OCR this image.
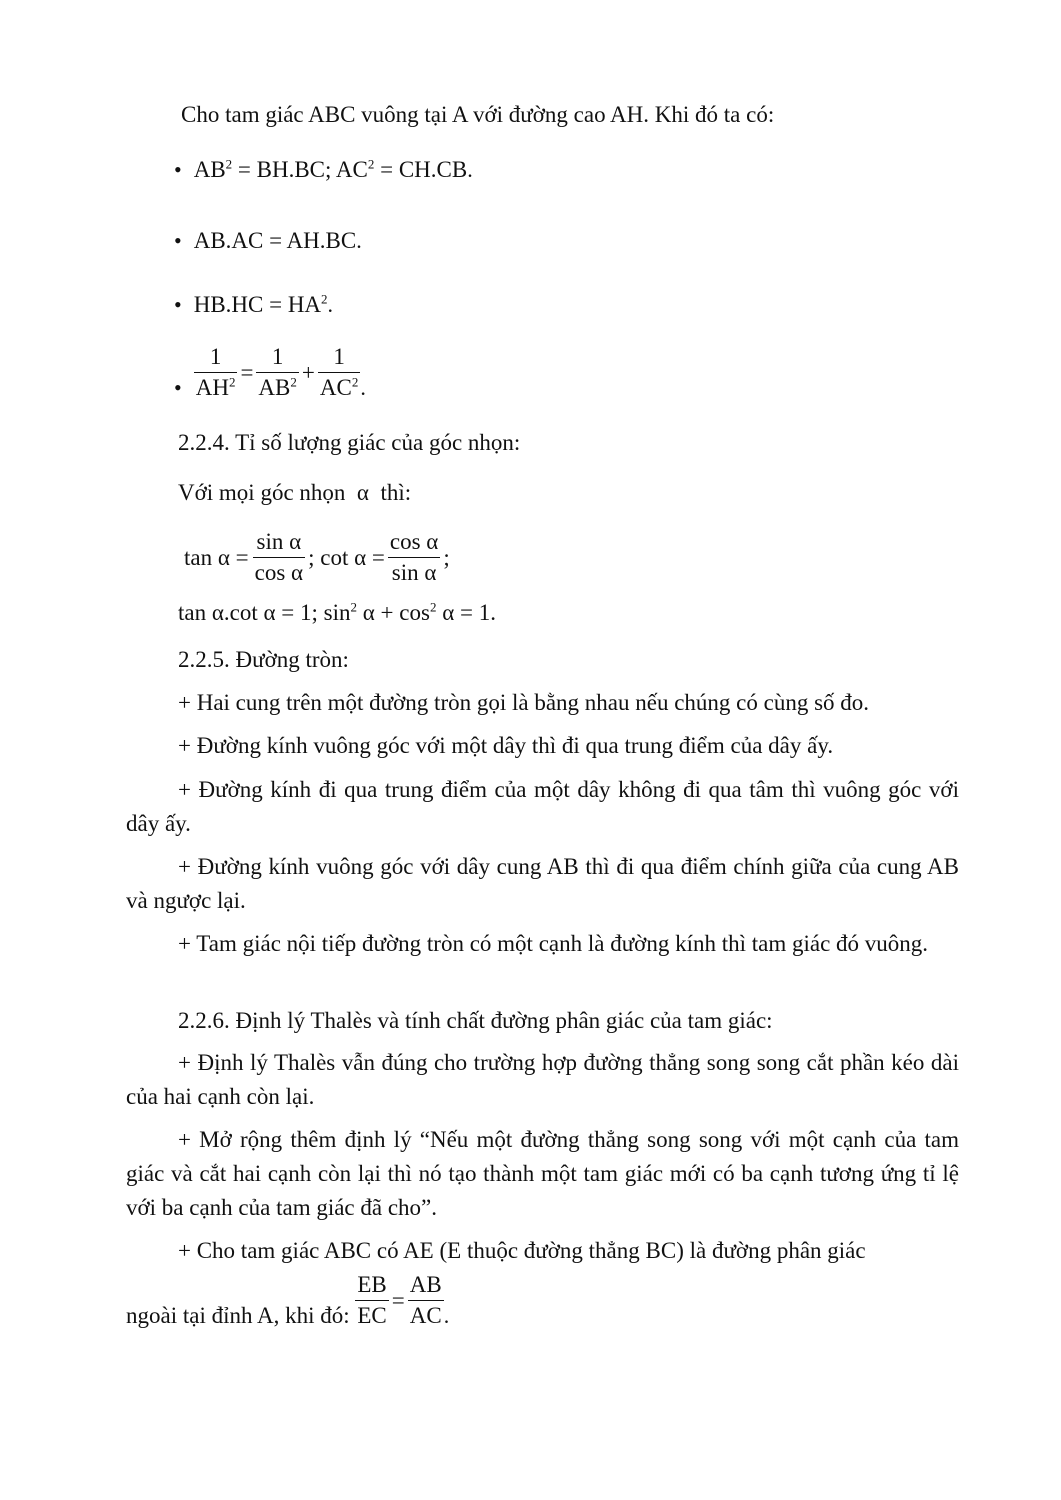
Cho tam giác ABC vuông tại A với đường cao AH. Khi đó ta có:
• $AB^2 = BH.BC$; $AC^2 = CH.CB$.
• AB.AC = AH.BC.
• $HB.HC = HA^2$.
• $\frac{1}{AH^2} = \frac{1}{AB^2} + \frac{1}{AC^2}$ .
2.2.4. Tỉ số lượng giác của góc nhọn:
Với mọi góc nhọn α thì:
$\tan \alpha = \frac{\text{sin α}}{\text{cos α}}$ ; $\cot \alpha = \frac{\text{cos α}}{\text{sin α}}$ ;
tan α.cot α = 1; $\sin^2 \alpha + \cos^2 \alpha = 1$.
2.2.5. Đường tròn:
+ Hai cung trên một đường tròn gọi là bằng nhau nếu chúng có cùng số đo.
+ Đường kính vuông góc với một dây thì đi qua trung điểm của dây ấy.
+ Đường kính đi qua trung điểm của một dây không đi qua tâm thì vuông góc với dây ấy.
+ Đường kính vuông góc với dây cung AB thì đi qua điểm chính giữa của cung AB và ngược lại.
+ Tam giác nội tiếp đường tròn có một cạnh là đường kính thì tam giác đó vuông.
2.2.6. Định lý Thalès và tính chất đường phân giác của tam giác:
+ Định lý Thalès vẫn đúng cho trường hợp đường thẳng song song cắt phần kéo dài của hai cạnh còn lại.
+ Mở rộng thêm định lý “Nếu một đường thẳng song song với một cạnh của tam giác và cắt hai cạnh còn lại thì nó tạo thành một tam giác mới có ba cạnh tương ứng tỉ lệ với ba cạnh của tam giác đã cho”.
+ Cho tam giác ABC có AE (E thuộc đường thẳng BC) là đường phân giác
ngoài tại đỉnh A, khi đó: $\frac{EB}{EC} = \frac{AB}{AC}$ .
